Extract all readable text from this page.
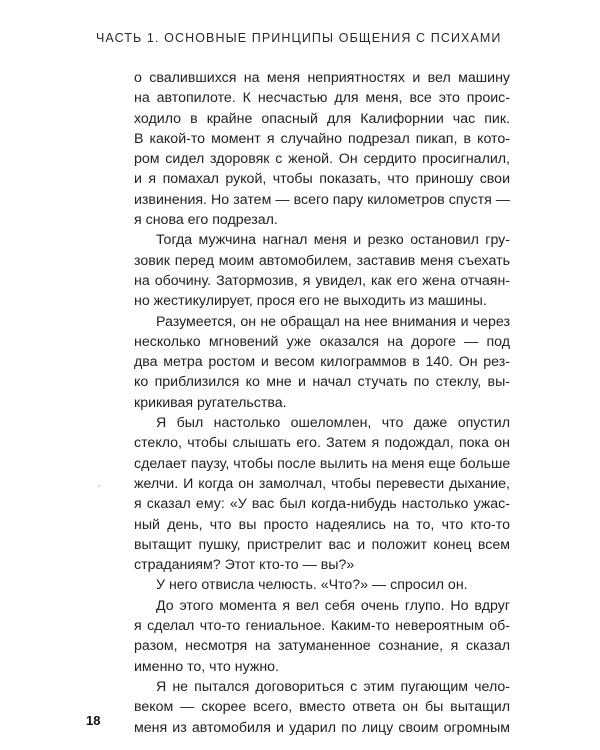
ЧАСТЬ 1. ОСНОВНЫЕ ПРИНЦИПЫ ОБЩЕНИЯ С ПСИХАМИ
о свалившихся на меня неприятностях и вел машину
на автопилоте. К несчастью для меня, все это проис-
ходило в крайне опасный для Калифорнии час пик.
В какой-то момент я случайно подрезал пикап, в кото-
ром сидел здоровяк с женой. Он сердито просигналил,
и я помахал рукой, чтобы показать, что приношу свои
извинения. Но затем — всего пару километров спустя —
я снова его подрезал.
Тогда мужчина нагнал меня и резко остановил гру-
зовик перед моим автомобилем, заставив меня съехать
на обочину. Затормозив, я увидел, как его жена отчаян-
но жестикулирует, прося его не выходить из машины.
Разумеется, он не обращал на нее внимания и через
несколько мгновений уже оказался на дороге — под
два метра ростом и весом килограммов в 140. Он рез-
ко приблизился ко мне и начал стучать по стеклу, вы-
крикивая ругательства.
Я был настолько ошеломлен, что даже опустил
стекло, чтобы слышать его. Затем я подождал, пока он
сделает паузу, чтобы после вылить на меня еще больше
желчи. И когда он замолчал, чтобы перевести дыхание,
я сказал ему: «У вас был когда-нибудь настолько ужас-
ный день, что вы просто надеялись на то, что кто-то
вытащит пушку, пристрелит вас и положит конец всем
страданиям? Этот кто-то — вы?»
У него отвисла челюсть. «Что?» — спросил он.
До этого момента я вел себя очень глупо. Но вдруг
я сделал что-то гениальное. Каким-то невероятным об-
разом, несмотря на затуманенное сознание, я сказал
именно то, что нужно.
Я не пытался договориться с этим пугающим чело-
веком — скорее всего, вместо ответа он бы вытащил
меня из автомобиля и ударил по лицу своим огромным
18
